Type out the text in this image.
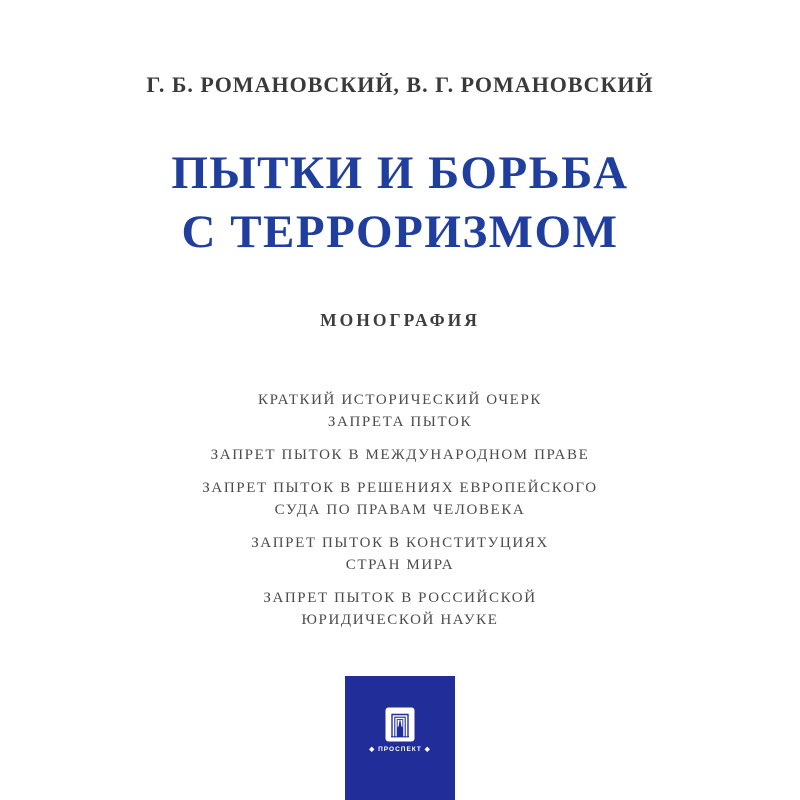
Г. Б. РОМАНОВСКИЙ, В. Г. РОМАНОВСКИЙ
ПЫТКИ И БОРЬБА
С ТЕРРОРИЗМОМ
МОНОГРАФИЯ
КРАТКИЙ ИСТОРИЧЕСКИЙ ОЧЕРК
ЗАПРЕТА ПЫТОК
ЗАПРЕТ ПЫТОК В МЕЖДУНАРОДНОМ ПРАВЕ
ЗАПРЕТ ПЫТОК В РЕШЕНИЯХ ЕВРОПЕЙСКОГО
СУДА ПО ПРАВАМ ЧЕЛОВЕКА
ЗАПРЕТ ПЫТОК В КОНСТИТУЦИЯХ
СТРАН МИРА
ЗАПРЕТ ПЫТОК В РОССИЙСКОЙ
ЮРИДИЧЕСКОЙ НАУКЕ
◆ ПРОСПЕКТ ◆
